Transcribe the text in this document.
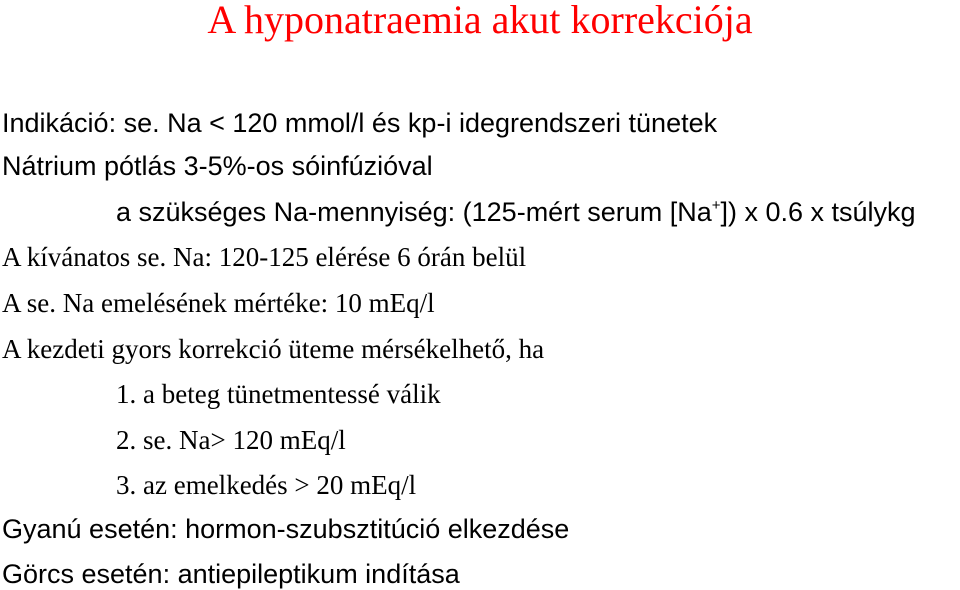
A hyponatraemia akut korrekciója
Indikáció: se. Na < 120 mmol/l és kp-i idegrendszeri tünetek
Nátrium pótlás 3-5%-os sóinfúzióval
a szükséges Na-mennyiség: (125-mért serum [Na+]) x 0.6 x tsúlykg
A kívánatos se. Na: 120-125 elérése 6 órán belül
A se. Na emelésének mértéke: 10 mEq/l
A kezdeti gyors korrekció üteme mérsékelhető, ha
1. a beteg tünetmentessé válik
2. se. Na> 120 mEq/l
3. az emelkedés > 20 mEq/l
Gyanú esetén: hormon-szubsztitúció elkezdése
Görcs esetén: antiepileptikum indítása
